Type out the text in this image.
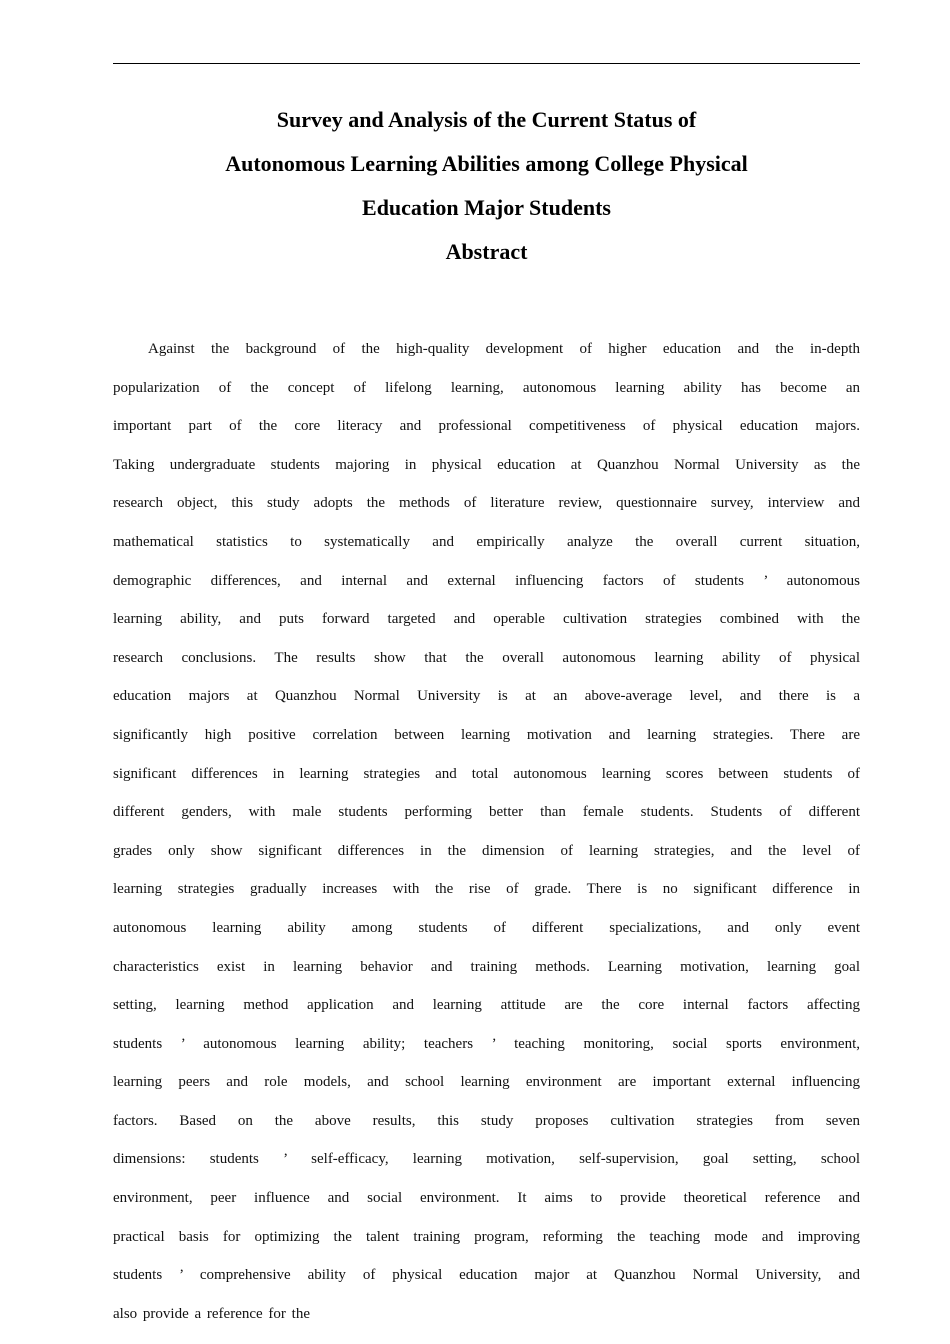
Survey and Analysis of the Current Status of
Autonomous Learning Abilities among College Physical
Education Major Students
Abstract

Against the background of the high-quality development of higher education and the in-depth
popularization of the concept of lifelong learning, autonomous learning ability has become an
important part of the core literacy and professional competitiveness of physical education majors.
Taking undergraduate students majoring in physical education at Quanzhou Normal University as the
research object, this study adopts the methods of literature review, questionnaire survey, interview and
mathematical statistics to systematically and empirically analyze the overall current situation,
demographic differences, and internal and external influencing factors of students ’ autonomous
learning ability, and puts forward targeted and operable cultivation strategies combined with the
research conclusions. The results show that the overall autonomous learning ability of physical
education majors at Quanzhou Normal University is at an above-average level, and there is a
significantly high positive correlation between learning motivation and learning strategies. There are
significant differences in learning strategies and total autonomous learning scores between students of
different genders, with male students performing better than female students. Students of different
grades only show significant differences in the dimension of learning strategies, and the level of
learning strategies gradually increases with the rise of grade. There is no significant difference in
autonomous learning ability among students of different specializations, and only event
characteristics exist in learning behavior and training methods. Learning motivation, learning goal
setting, learning method application and learning attitude are the core internal factors affecting
students ’ autonomous learning ability; teachers ’ teaching monitoring, social sports environment,
learning peers and role models, and school learning environment are important external influencing
factors. Based on the above results, this study proposes cultivation strategies from seven
dimensions: students ’ self-efficacy, learning motivation, self-supervision, goal setting, school
environment, peer influence and social environment. It aims to provide theoretical reference and
practical basis for optimizing the talent training program, reforming the teaching mode and improving
students ’ comprehensive ability of physical education major at Quanzhou Normal University, and
also provide a reference for the
